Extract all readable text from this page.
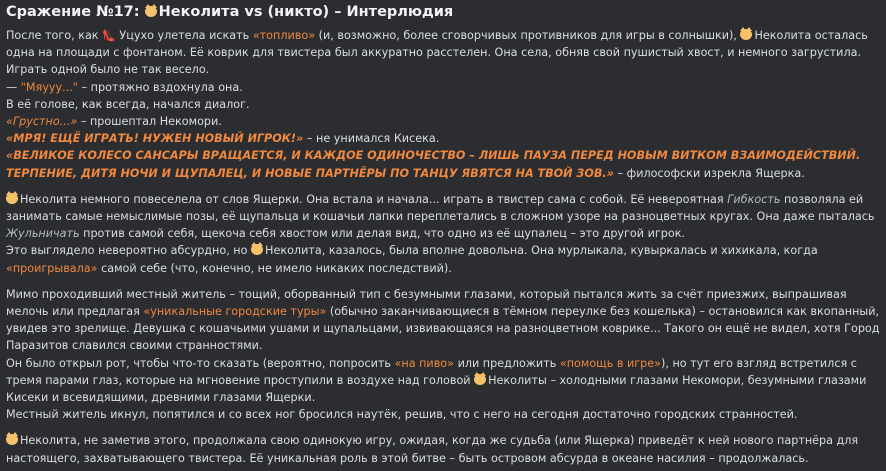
Сражение №17: Неколита vs (никто) – Интерлюдия

После того, как 👠 Уцухо улетела искать «топливо» (и, возможно, более сговорчивых противников для игры в солнышки), Неколита осталась одна на площади с фонтаном. Её коврик для твистера был аккуратно расстелен. Она села, обняв свой пушистый хвост, и немного загрустила. Играть одной было не так весело.
— "Мяууу..." – протяжно вздохнула она.
В её голове, как всегда, начался диалог.
«Грустно...» – прошептал Некомори.
«МРЯ! ЕЩЁ ИГРАТЬ! НУЖЕН НОВЫЙ ИГРОК!» – не унимался Кисека.
«ВЕЛИКОЕ КОЛЕСО САНСАРЫ ВРАЩАЕТСЯ, И КАЖДОЕ ОДИНОЧЕСТВО – ЛИШЬ ПАУЗА ПЕРЕД НОВЫМ ВИТКОМ ВЗАИМОДЕЙСТВИЙ. ТЕРПЕНИЕ, ДИТЯ НОЧИ И ЩУПАЛЕЦ, И НОВЫЕ ПАРТНЁРЫ ПО ТАНЦУ ЯВЯТСЯ НА ТВОЙ ЗОВ.» – философски изрекла Ящерка.

Неколита немного повеселела от слов Ящерки. Она встала и начала... играть в твистер сама с собой. Её невероятная Гибкость позволяла ей занимать самые немыслимые позы, её щупальца и кошачьи лапки переплетались в сложном узоре на разноцветных кругах. Она даже пыталась Жульничать против самой себя, щекоча себя хвостом или делая вид, что одно из её щупалец – это другой игрок.
Это выглядело невероятно абсурдно, но Неколита, казалось, была вполне довольна. Она мурлыкала, кувыркалась и хихикала, когда «проигрывала» самой себе (что, конечно, не имело никаких последствий).

Мимо проходивший местный житель – тощий, оборванный тип с безумными глазами, который пытался жить за счёт приезжих, выпрашивая мелочь или предлагая «уникальные городские туры» (обычно заканчивающиеся в тёмном переулке без кошелька) – остановился как вкопанный, увидев это зрелище. Девушка с кошачьими ушами и щупальцами, извивающаяся на разноцветном коврике... Такого он ещё не видел, хотя Город Паразитов славился своими странностями.
Он было открыл рот, чтобы что-то сказать (вероятно, попросить «на пиво» или предложить «помощь в игре»), но тут его взгляд встретился с тремя парами глаз, которые на мгновение проступили в воздухе над головой Неколиты – холодными глазами Некомори, безумными глазами Кисеки и всевидящими, древними глазами Ящерки.
Местный житель икнул, попятился и со всех ног бросился наутёк, решив, что с него на сегодня достаточно городских странностей.

Неколита, не заметив этого, продолжала свою одинокую игру, ожидая, когда же судьба (или Ящерка) приведёт к ней нового партнёра для настоящего, захватывающего твистера. Её уникальная роль в этой битве – быть островом абсурда в океане насилия – продолжалась.
